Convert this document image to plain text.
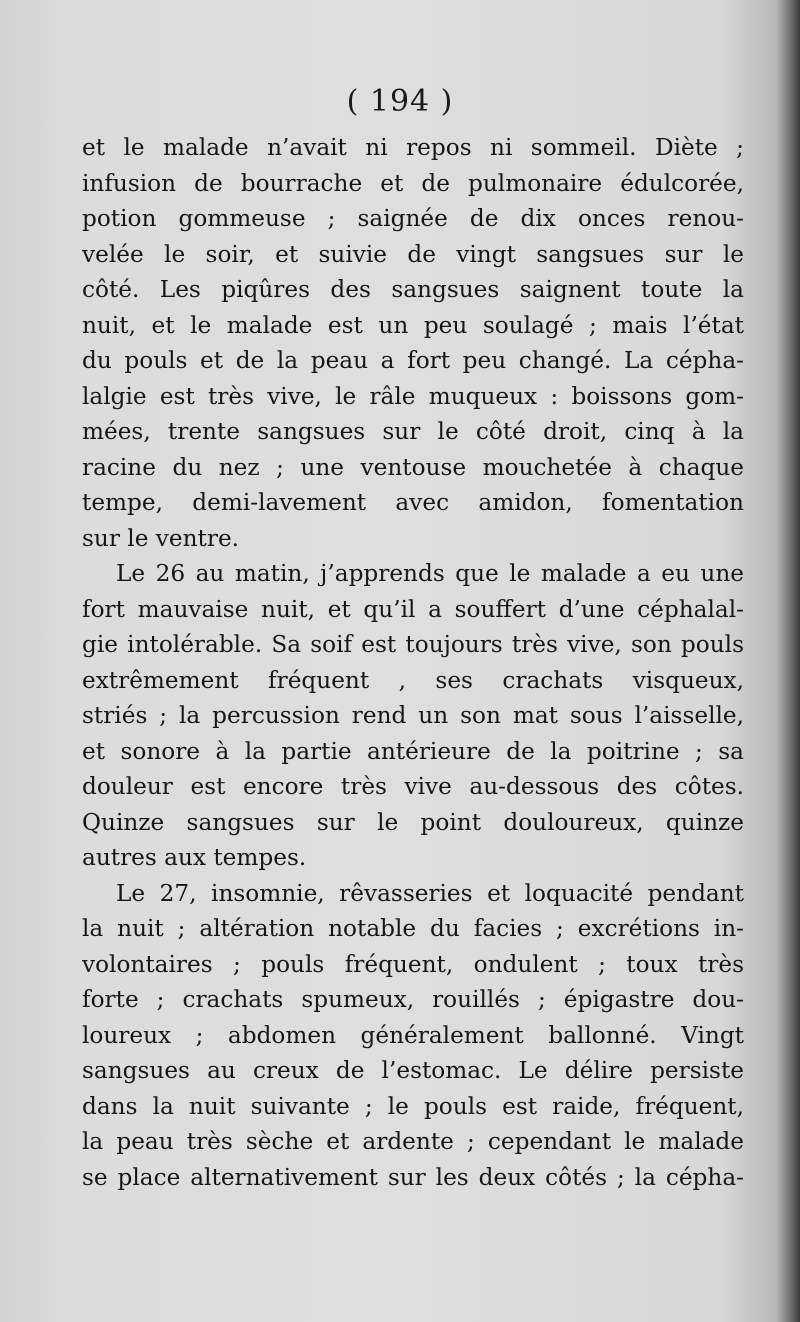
( 194 )
et le malade n’avait ni repos ni sommeil. Diète ;
infusion de bourrache et de pulmonaire édulcorée,
potion gommeuse ; saignée de dix onces renou-
velée le soir, et suivie de vingt sangsues sur le
côté. Les piqûres des sangsues saignent toute la
nuit, et le malade est un peu soulagé ; mais l’état
du pouls et de la peau a fort peu changé. La cépha-
lalgie est très vive, le râle muqueux : boissons gom-
mées, trente sangsues sur le côté droit, cinq à la
racine du nez ; une ventouse mouchetée à chaque
tempe, demi-lavement avec amidon, fomentation
sur le ventre.
Le 26 au matin, j’apprends que le malade a eu une
fort mauvaise nuit, et qu’il a souffert d’une céphalal-
gie intolérable. Sa soif est toujours très vive, son pouls
extrêmement fréquent , ses crachats visqueux,
striés ; la percussion rend un son mat sous l’aisselle,
et sonore à la partie antérieure de la poitrine ; sa
douleur est encore très vive au-dessous des côtes.
Quinze sangsues sur le point douloureux, quinze
autres aux tempes.
Le 27, insomnie, rêvasseries et loquacité pendant
la nuit ; altération notable du facies ; excrétions in-
volontaires ; pouls fréquent, ondulent ; toux très
forte ; crachats spumeux, rouillés ; épigastre dou-
loureux ; abdomen généralement ballonné. Vingt
sangsues au creux de l’estomac. Le délire persiste
dans la nuit suivante ; le pouls est raide, fréquent,
la peau très sèche et ardente ; cependant le malade
se place alternativement sur les deux côtés ; la cépha-
